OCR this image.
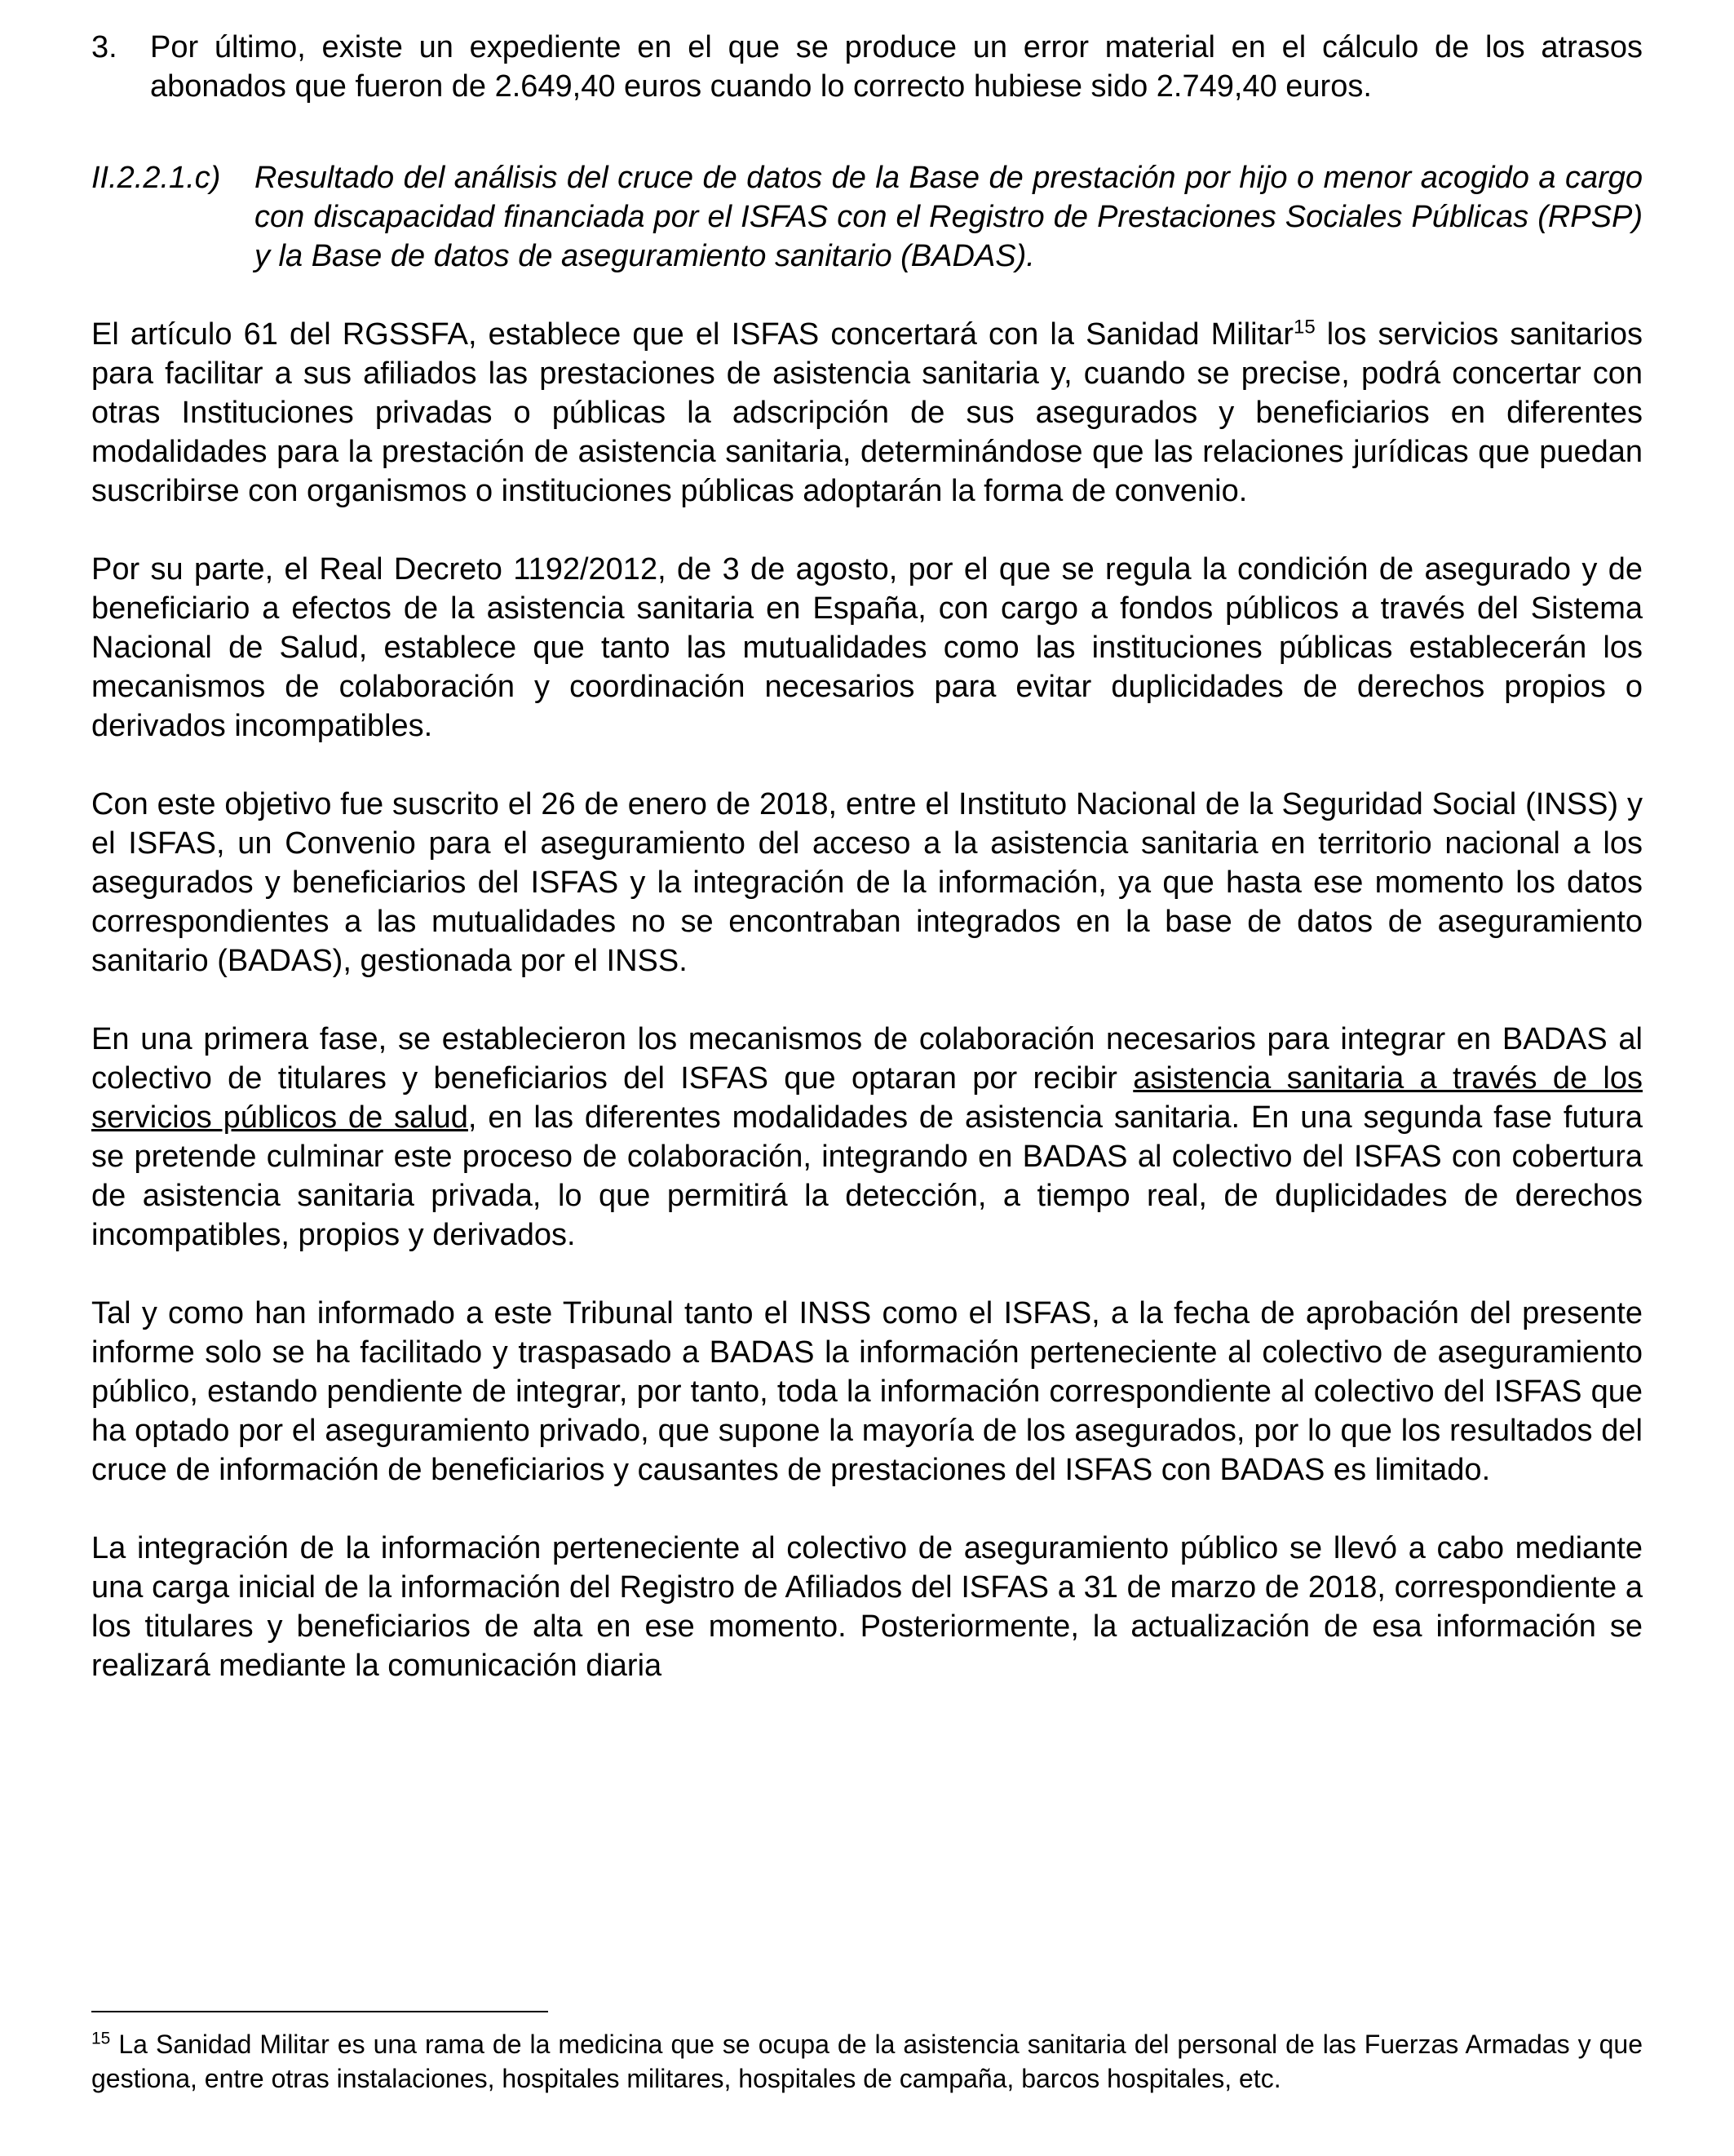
3.	Por último, existe un expediente en el que se produce un error material en el cálculo de los atrasos abonados que fueron de 2.649,40 euros cuando lo correcto hubiese sido 2.749,40 euros.
II.2.2.1.c)	Resultado del análisis del cruce de datos de la Base de prestación por hijo o menor acogido a cargo con discapacidad financiada por el ISFAS con el Registro de Prestaciones Sociales Públicas (RPSP) y la Base de datos de aseguramiento sanitario (BADAS).

El artículo 61 del RGSSFA, establece que el ISFAS concertará con la Sanidad Militar$^{15}$ los servicios sanitarios para facilitar a sus afiliados las prestaciones de asistencia sanitaria y, cuando se precise, podrá concertar con otras Instituciones privadas o públicas la adscripción de sus asegurados y beneficiarios en diferentes modalidades para la prestación de asistencia sanitaria, determinándose que las relaciones jurídicas que puedan suscribirse con organismos o instituciones públicas adoptarán la forma de convenio.

Por su parte, el Real Decreto 1192/2012, de 3 de agosto, por el que se regula la condición de asegurado y de beneficiario a efectos de la asistencia sanitaria en España, con cargo a fondos públicos a través del Sistema Nacional de Salud, establece que tanto las mutualidades como las instituciones públicas establecerán los mecanismos de colaboración y coordinación necesarios para evitar duplicidades de derechos propios o derivados incompatibles.

Con este objetivo fue suscrito el 26 de enero de 2018, entre el Instituto Nacional de la Seguridad Social (INSS) y el ISFAS, un Convenio para el aseguramiento del acceso a la asistencia sanitaria en territorio nacional a los asegurados y beneficiarios del ISFAS y la integración de la información, ya que hasta ese momento los datos correspondientes a las mutualidades no se encontraban integrados en la base de datos de aseguramiento sanitario (BADAS), gestionada por el INSS.

En una primera fase, se establecieron los mecanismos de colaboración necesarios para integrar en BADAS al colectivo de titulares y beneficiarios del ISFAS que optaran por recibir asistencia sanitaria a través de los servicios públicos de salud, en las diferentes modalidades de asistencia sanitaria. En una segunda fase futura se pretende culminar este proceso de colaboración, integrando en BADAS al colectivo del ISFAS con cobertura de asistencia sanitaria privada, lo que permitirá la detección, a tiempo real, de duplicidades de derechos incompatibles, propios y derivados.

Tal y como han informado a este Tribunal tanto el INSS como el ISFAS, a la fecha de aprobación del presente informe solo se ha facilitado y traspasado a BADAS la información perteneciente al colectivo de aseguramiento público, estando pendiente de integrar, por tanto, toda la información correspondiente al colectivo del ISFAS que ha optado por el aseguramiento privado, que supone la mayoría de los asegurados, por lo que los resultados del cruce de información de beneficiarios y causantes de prestaciones del ISFAS con BADAS es limitado.

La integración de la información perteneciente al colectivo de aseguramiento público se llevó a cabo mediante una carga inicial de la información del Registro de Afiliados del ISFAS a 31 de marzo de 2018, correspondiente a los titulares y beneficiarios de alta en ese momento. Posteriormente, la actualización de esa información se realizará mediante la comunicación diaria

$^{15}$ La Sanidad Militar es una rama de la medicina que se ocupa de la asistencia sanitaria del personal de las Fuerzas Armadas y que gestiona, entre otras instalaciones, hospitales militares, hospitales de campaña, barcos hospitales, etc.
